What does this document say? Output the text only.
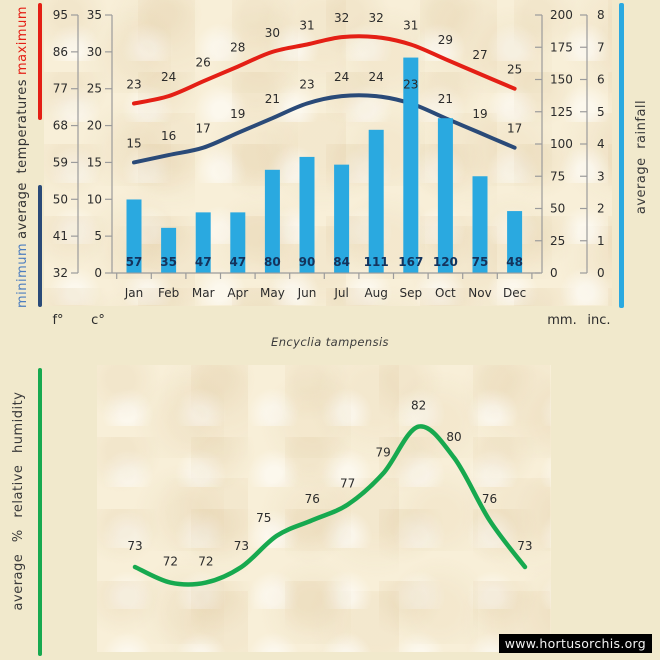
minimum
average temperatures
maximum
average rainfall
average % relative humidity
f°	c°	mm. inc.
Encyclia tampensis
95 35
86 30
77 25
68 20
59 15
50 10
41 5
32 0
200
175
150
125
100
75
50
25
0
8
7
6
5
4
3
2
1
0
Jan Feb Mar Apr May Jun Jul Aug Sep Oct Nov Dec
23
24
26
28
30
31
32 32
31
29
27
25
15
16
17
19
21
23
24 24
23
21
19
17
57 35 47 47 80 90 84 111 167 120 75 48
73
72 72
73
75
76
77
79
82
80
76
73
www.hortusorchis.org
